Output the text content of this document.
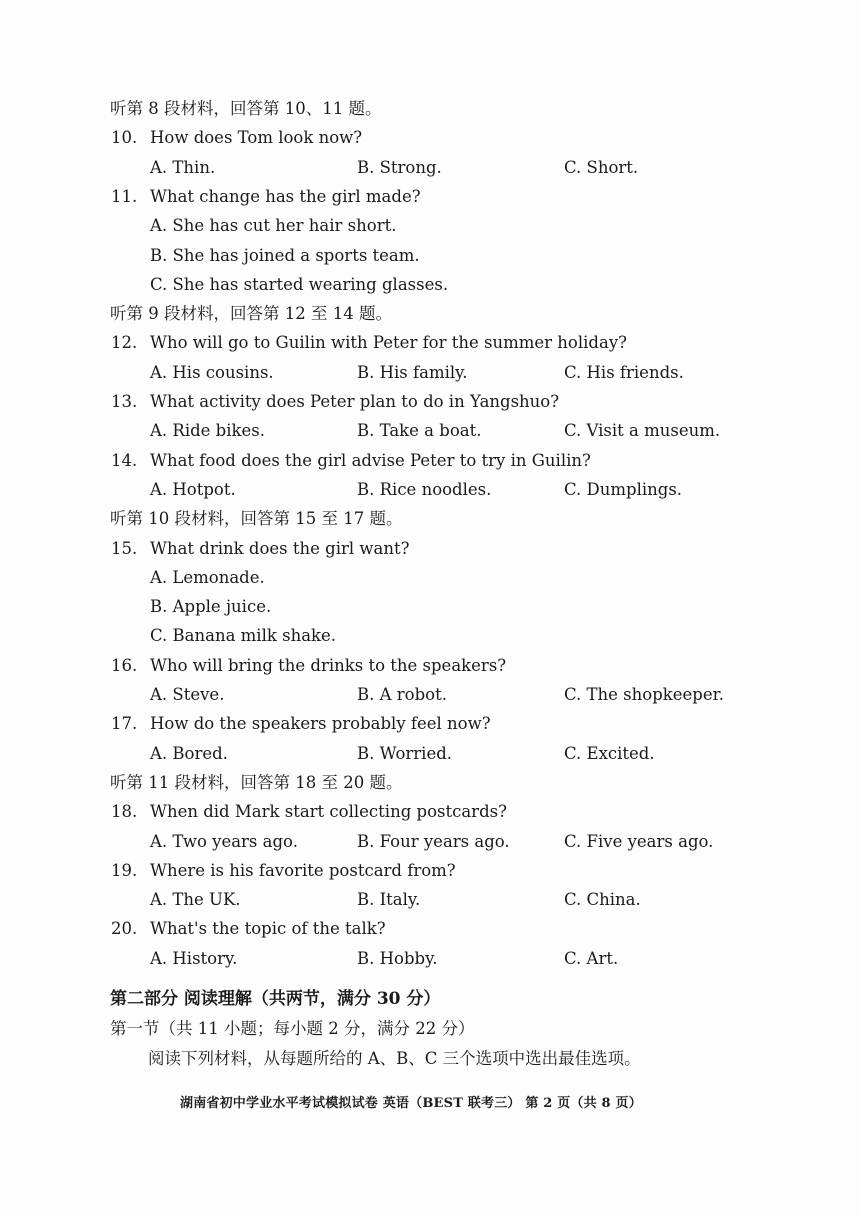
听第 8 段材料，回答第 10、11 题。
10. How does Tom look now?
A. Thin.	B. Strong.	C. Short.
11. What change has the girl made?
A. She has cut her hair short.
B. She has joined a sports team.
C. She has started wearing glasses.
听第 9 段材料，回答第 12 至 14 题。
12. Who will go to Guilin with Peter for the summer holiday?
A. His cousins.	B. His family.	C. His friends.
13. What activity does Peter plan to do in Yangshuo?
A. Ride bikes.	B. Take a boat.	C. Visit a museum.
14. What food does the girl advise Peter to try in Guilin?
A. Hotpot.	B. Rice noodles.	C. Dumplings.
听第 10 段材料，回答第 15 至 17 题。
15. What drink does the girl want?
A. Lemonade.
B. Apple juice.
C. Banana milk shake.
16. Who will bring the drinks to the speakers?
A. Steve.	B. A robot.	C. The shopkeeper.
17. How do the speakers probably feel now?
A. Bored.	B. Worried.	C. Excited.
听第 11 段材料，回答第 18 至 20 题。
18. When did Mark start collecting postcards?
A. Two years ago.	B. Four years ago.	C. Five years ago.
19. Where is his favorite postcard from?
A. The UK.	B. Italy.	C. China.
20. What's the topic of the talk?
A. History.	B. Hobby.	C. Art.
第二部分 阅读理解（共两节，满分 30 分）
第一节（共 11 小题；每小题 2 分，满分 22 分）
阅读下列材料，从每题所给的 A、B、C 三个选项中选出最佳选项。
湖南省初中学业水平考试模拟试卷 英语（BEST 联考三） 第 2 页（共 8 页）
